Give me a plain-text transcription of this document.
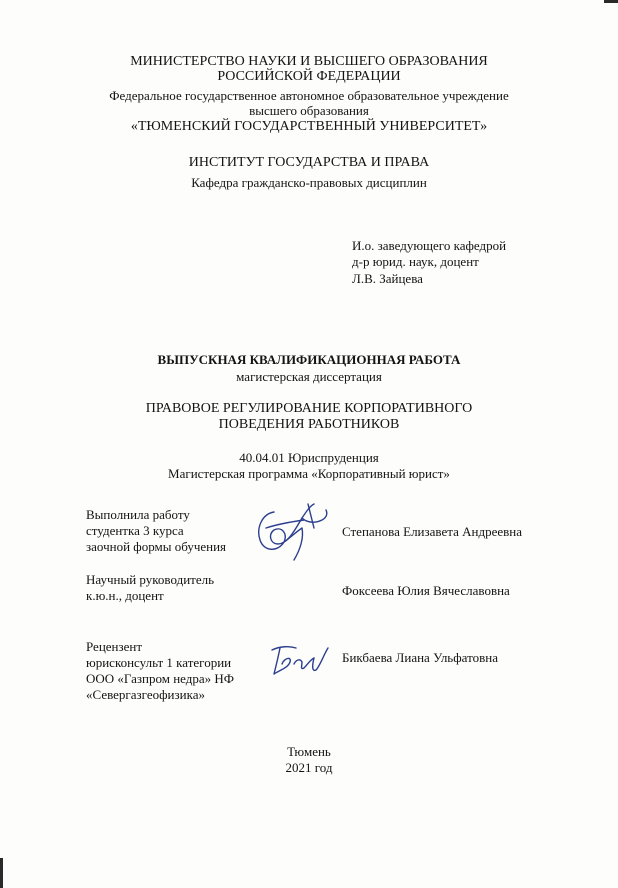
МИНИСТЕРСТВО НАУКИ И ВЫСШЕГО ОБРАЗОВАНИЯ
РОССИЙСКОЙ ФЕДЕРАЦИИ
Федеральное государственное автономное образовательное учреждение
высшего образования
«ТЮМЕНСКИЙ ГОСУДАРСТВЕННЫЙ УНИВЕРСИТЕТ»
ИНСТИТУТ ГОСУДАРСТВА И ПРАВА
Кафедра гражданско-правовых дисциплин
И.о. заведующего кафедрой
д-р юрид. наук, доцент
Л.В. Зайцева
ВЫПУСКНАЯ КВАЛИФИКАЦИОННАЯ РАБОТА
магистерская диссертация
ПРАВОВОЕ РЕГУЛИРОВАНИЕ КОРПОРАТИВНОГО
ПОВЕДЕНИЯ РАБОТНИКОВ
40.04.01 Юриспруденция
Магистерская программа «Корпоративный юрист»
Выполнила работу
студентка 3 курса
заочной формы обучения
Степанова Елизавета Андреевна
Научный руководитель
к.ю.н., доцент	Фоксеева Юлия Вячеславовна
Рецензент
юрисконсульт 1 категории
ООО «Газпром недра» НФ
«Севергазгеофизика»
Бикбаева Лиана Ульфатовна
Тюмень
2021 год
